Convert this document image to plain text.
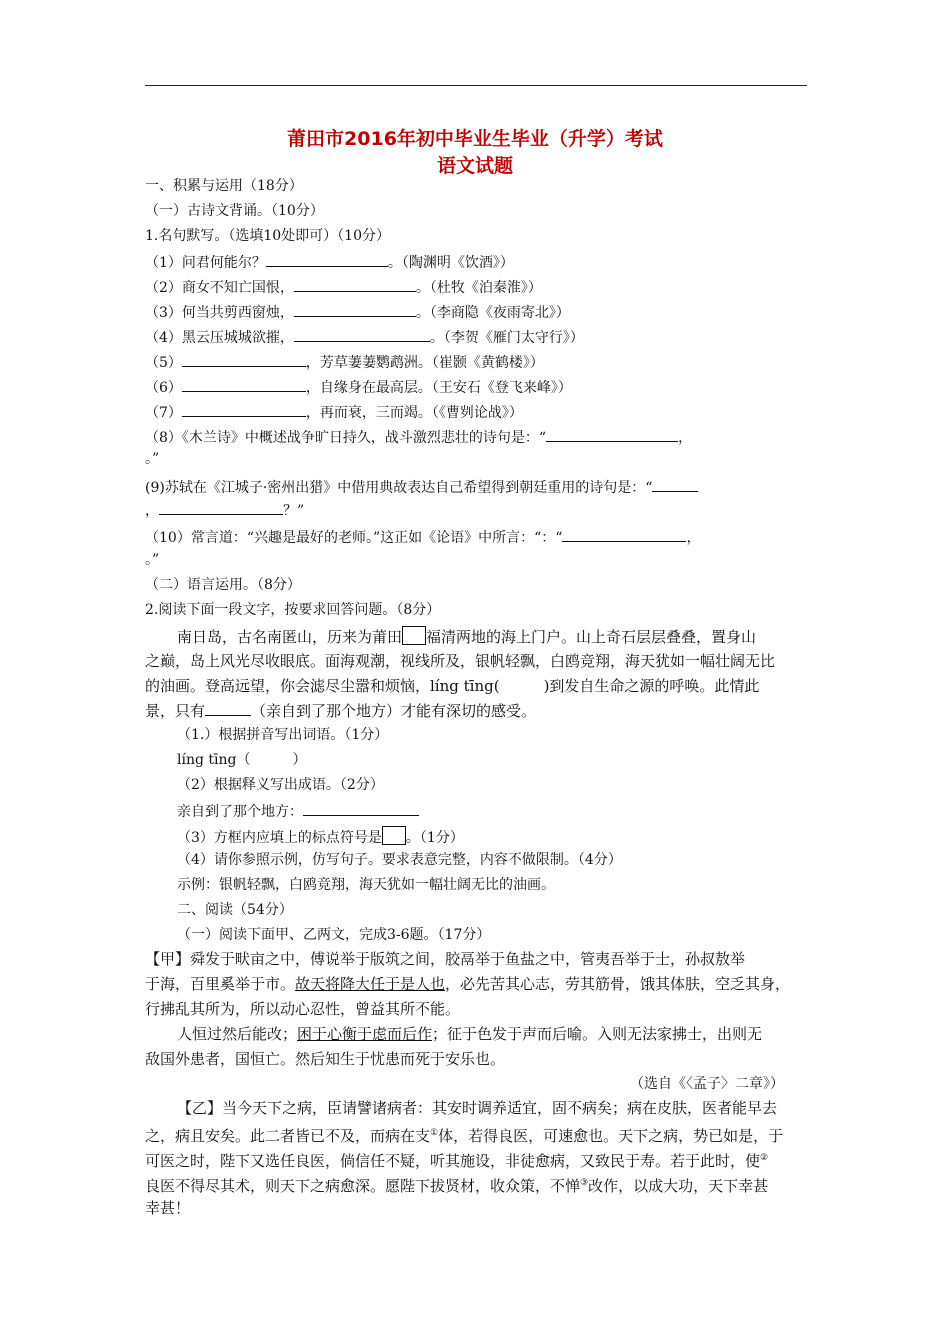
莆田市2016年初中毕业生毕业（升学）考试
语文试题
一、积累与运用（18分）
（一）古诗文背诵。（10分）
1.名句默写。（选填10处即可）（10分）
（1）问君何能尔？	。（陶渊明《饮酒》）
（2）商女不知亡国恨，	。（杜牧《泊秦淮》）
（3）何当共剪西窗烛，	。（李商隐《夜雨寄北》）
（4）黑云压城城欲摧，	。（李贺《雁门太守行》）
（5）	，芳草萋萋鹦鹉洲。（崔颢《黄鹤楼》）
（6）	，自缘身在最高层。（王安石《登飞来峰》）
（7）	，再而衰，三而竭。（《曹刿论战》）
（8）《木兰诗》中概述战争旷日持久，战斗激烈悲壮的诗句是：“	，
。”
(9)苏轼在《江城子·密州出猎》中借用典故表达自己希望得到朝廷重用的诗句是：“
，	？”
（10）常言道：“兴趣是最好的老师。”这正如《论语》中所言：“：“	，
。”
（二）语言运用。（8分）
2.阅读下面一段文字，按要求回答问题。（8分）
南日岛，古名南匿山，历来为莆田 福清两地的海上门户。山上奇石层层叠叠，置身山
之巅，岛上风光尽收眼底。面海观潮，视线所及，银帆轻飘，白鸥竞翔，海天犹如一幅壮阔无比
的油画。登高远望，你会滤尽尘嚣和烦恼，líng tīng(	)到发自生命之源的呼唤。此情此
景，只有	（亲自到了那个地方）才能有深切的感受。
（1.）根据拼音写出词语。（1分）
líng tīng（　　　）
（2）根据释义写出成语。（2分）
亲自到了那个地方：
（3）方框内应填上的标点符号是 。（1分）
（4）请你参照示例，仿写句子。要求表意完整，内容不做限制。（4分）
示例：银帆轻飘，白鸥竞翔，海天犹如一幅壮阔无比的油画。
二、阅读（54分）
（一）阅读下面甲、乙两文，完成3-6题。（17分）
【甲】舜发于畎亩之中，傅说举于版筑之间，胶鬲举于鱼盐之中，管夷吾举于士，孙叔敖举
于海，百里奚举于市。故天将降大任于是人也，必先苦其心志，劳其筋骨，饿其体肤，空乏其身，
行拂乱其所为，所以动心忍性，曾益其所不能。
人恒过然后能改；困于心衡于虑而后作；征于色发于声而后喻。入则无法家拂士，出则无
敌国外患者，国恒亡。然后知生于忧患而死于安乐也。
（选自《〈孟子〉二章》）
【乙】当今天下之病，臣请譬诸病者：其安时调养适宜，固不病矣；病在皮肤，医者能早去
之，病且安矣。此二者皆已不及，而病在支①体，若得良医，可速愈也。天下之病，势已如是，于
可医之时，陛下又选任良医，倘信任不疑，听其施设，非徒愈病，又致民于寿。若于此时，使②
良医不得尽其术，则天下之病愈深。愿陛下拔贤材，收众策，不惮③改作，以成大功，天下幸甚
幸甚！
